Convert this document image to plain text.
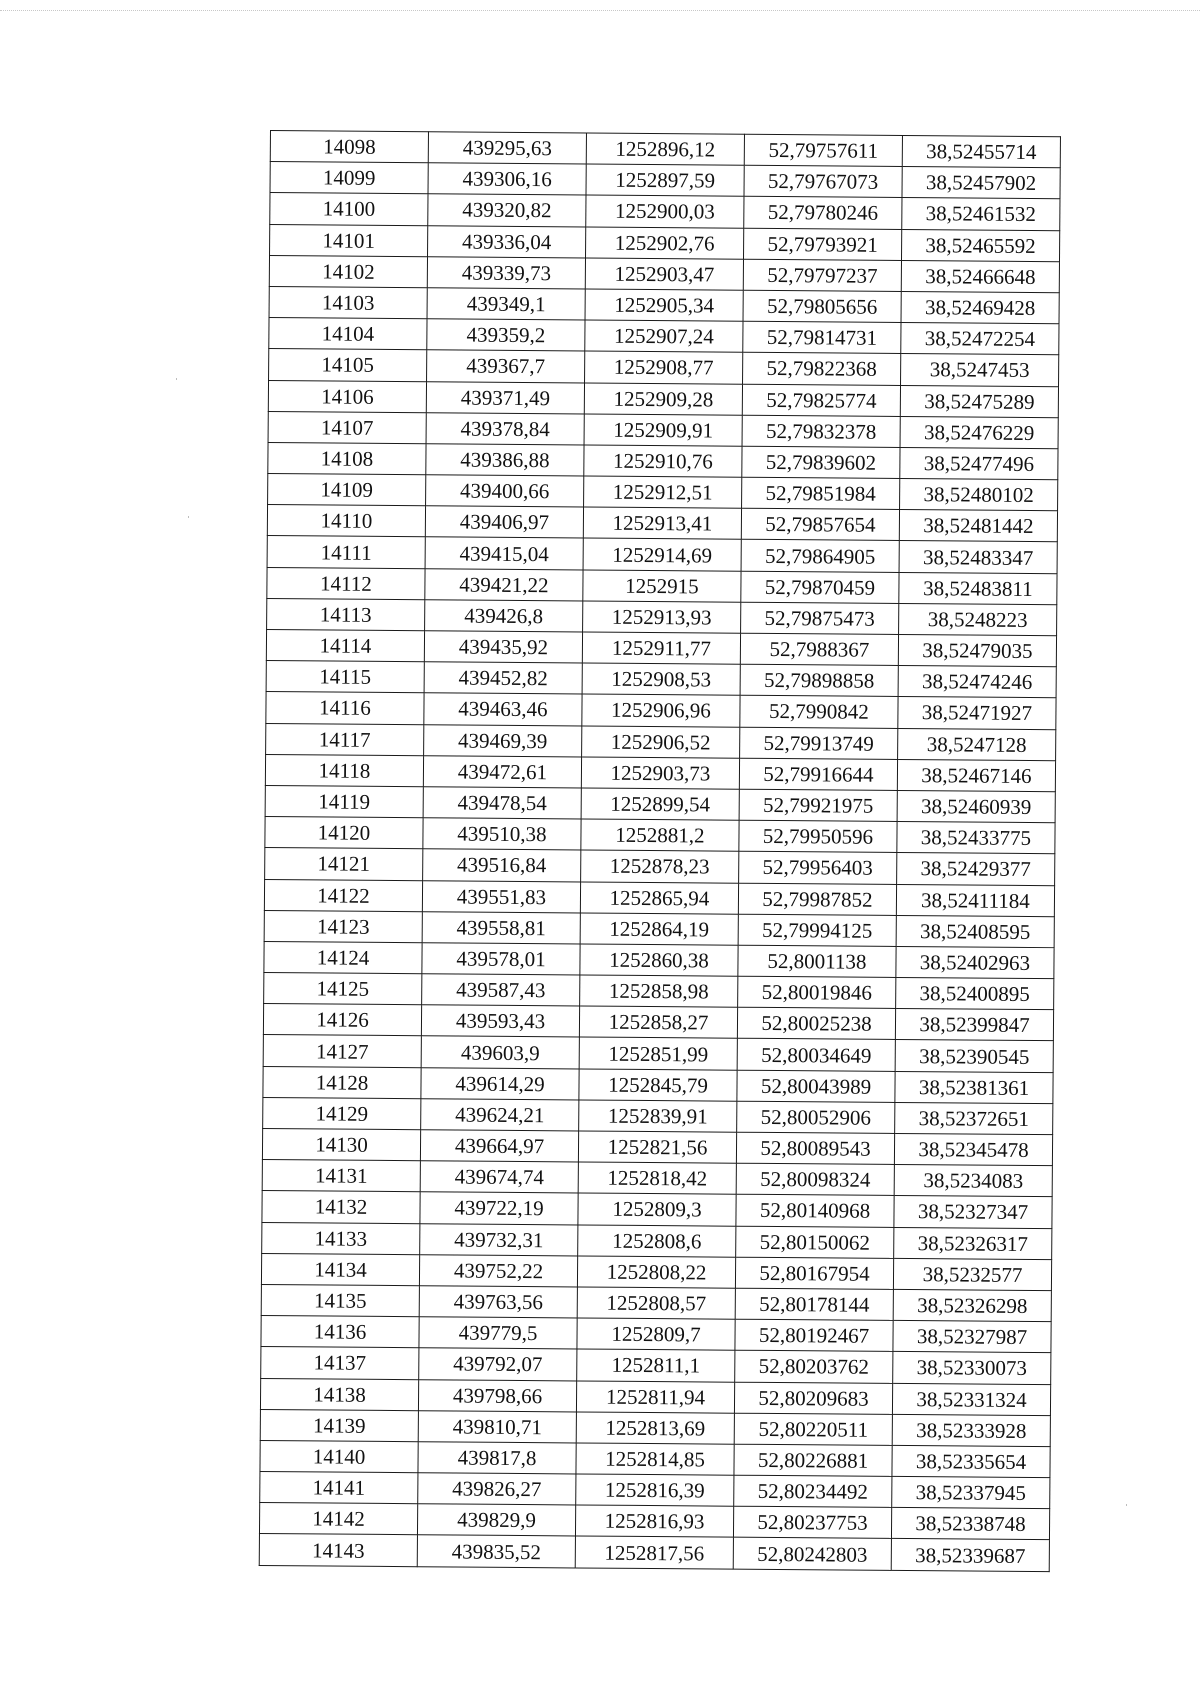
14098	439295,63	1252896,12	52,79757611	38,52455714
14099	439306,16	1252897,59	52,79767073	38,52457902
14100	439320,82	1252900,03	52,79780246	38,52461532
14101	439336,04	1252902,76	52,79793921	38,52465592
14102	439339,73	1252903,47	52,79797237	38,52466648
14103	439349,1	1252905,34	52,79805656	38,52469428
14104	439359,2	1252907,24	52,79814731	38,52472254
14105	439367,7	1252908,77	52,79822368	38,5247453
14106	439371,49	1252909,28	52,79825774	38,52475289
14107	439378,84	1252909,91	52,79832378	38,52476229
14108	439386,88	1252910,76	52,79839602	38,52477496
14109	439400,66	1252912,51	52,79851984	38,52480102
14110	439406,97	1252913,41	52,79857654	38,52481442
14111	439415,04	1252914,69	52,79864905	38,52483347
14112	439421,22	1252915	52,79870459	38,52483811
14113	439426,8	1252913,93	52,79875473	38,5248223
14114	439435,92	1252911,77	52,7988367	38,52479035
14115	439452,82	1252908,53	52,79898858	38,52474246
14116	439463,46	1252906,96	52,7990842	38,52471927
14117	439469,39	1252906,52	52,79913749	38,5247128
14118	439472,61	1252903,73	52,79916644	38,52467146
14119	439478,54	1252899,54	52,79921975	38,52460939
14120	439510,38	1252881,2	52,79950596	38,52433775
14121	439516,84	1252878,23	52,79956403	38,52429377
14122	439551,83	1252865,94	52,79987852	38,52411184
14123	439558,81	1252864,19	52,79994125	38,52408595
14124	439578,01	1252860,38	52,8001138	38,52402963
14125	439587,43	1252858,98	52,80019846	38,52400895
14126	439593,43	1252858,27	52,80025238	38,52399847
14127	439603,9	1252851,99	52,80034649	38,52390545
14128	439614,29	1252845,79	52,80043989	38,52381361
14129	439624,21	1252839,91	52,80052906	38,52372651
14130	439664,97	1252821,56	52,80089543	38,52345478
14131	439674,74	1252818,42	52,80098324	38,5234083
14132	439722,19	1252809,3	52,80140968	38,52327347
14133	439732,31	1252808,6	52,80150062	38,52326317
14134	439752,22	1252808,22	52,80167954	38,5232577
14135	439763,56	1252808,57	52,80178144	38,52326298
14136	439779,5	1252809,7	52,80192467	38,52327987
14137	439792,07	1252811,1	52,80203762	38,52330073
14138	439798,66	1252811,94	52,80209683	38,52331324
14139	439810,71	1252813,69	52,80220511	38,52333928
14140	439817,8	1252814,85	52,80226881	38,52335654
14141	439826,27	1252816,39	52,80234492	38,52337945
14142	439829,9	1252816,93	52,80237753	38,52338748
14143	439835,52	1252817,56	52,80242803	38,52339687
